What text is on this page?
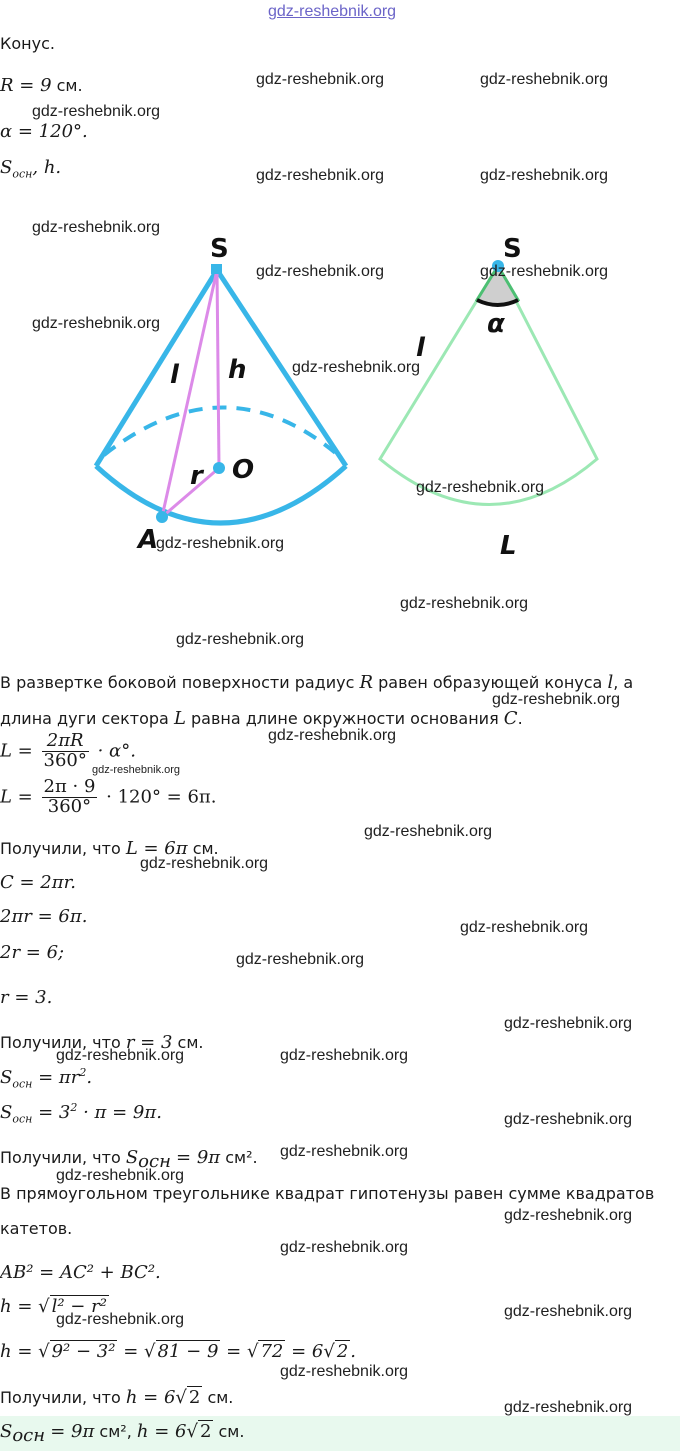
Конус.
R = 9 см.
α = 120°.
$S_{осн}$, h.
S
l h
r O
A
S
α
l
L
В развертке боковой поверхности радиус R равен образующей конуса l, а
длина дуги сектора L равна длине окружности основания C.
$L = \frac{2\pi R}{360^\circ} \cdot \alpha^\circ$.
$L = \frac{2\pi \cdot 9}{360^\circ} \cdot 120^\circ = 6\pi$.
Получили, что L = 6π см.
C = 2πr.
2πr = 6π.
2r = 6;
r = 3.
Получили, что r = 3 см.
$S_{осн} = \pi r^2$.
$S_{осн} = 3^2 \cdot \pi = 9\pi$.
Получили, что $S_{осн} = 9\pi$ см².
В прямоугольном треугольнике квадрат гипотенузы равен сумме квадратов
катетов.
AB² = AC² + BC².
h = √ l² − r²
h = √ 9² − 3² = √ 81 − 9 = √ 72 = 6√ 2 .
Получили, что h = 6√ 2 см.
$S_{осн} = 9\pi$ см², h = 6√ 2 см.
gdz-reshebnik.org
gdz-reshebnik.org	gdz-reshebnik.org
gdz-reshebnik.org
gdz-reshebnik.org	gdz-reshebnik.org
gdz-reshebnik.org
gdz-reshebnik.org	gdz-reshebnik.org
gdz-reshebnik.org
gdz-reshebnik.org
gdz-reshebnik.org
gdz-reshebnik.org
gdz-reshebnik.org
gdz-reshebnik.org
gdz-reshebnik.org
gdz-reshebnik.org
gdz-reshebnik.org
gdz-reshebnik.org
gdz-reshebnik.org
gdz-reshebnik.org
gdz-reshebnik.org
gdz-reshebnik.org
gdz-reshebnik.org	gdz-reshebnik.org
gdz-reshebnik.org
gdz-reshebnik.org
gdz-reshebnik.org
gdz-reshebnik.org
gdz-reshebnik.org
gdz-reshebnik.org
gdz-reshebnik.org
gdz-reshebnik.org
gdz-reshebnik.org
